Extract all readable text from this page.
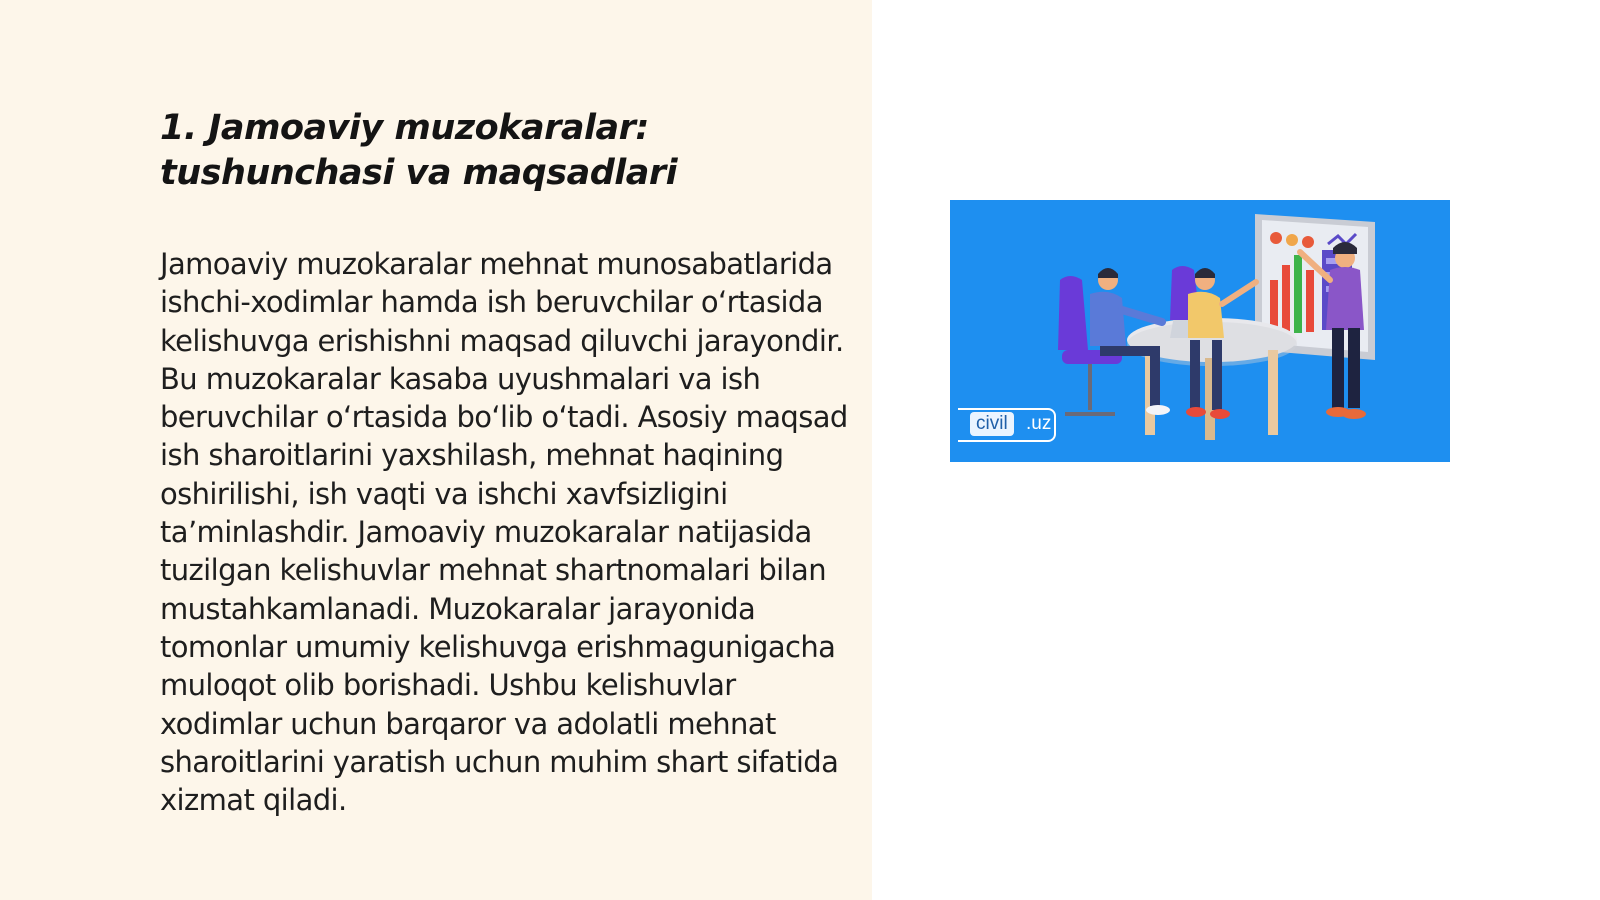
1. Jamoaviy muzokaralar: tushunchasi va maqsadlari

Jamoaviy muzokaralar mehnat munosabatlarida ishchi-xodimlar hamda ish beruvchilar o‘rtasida kelishuvga erishishni maqsad qiluvchi jarayondir. Bu muzokaralar kasaba uyushmalari va ish beruvchilar o‘rtasida bo‘lib o‘tadi. Asosiy maqsad ish sharoitlarini yaxshilash, mehnat haqining oshirilishi, ish vaqti va ishchi xavfsizligini ta’minlashdir. Jamoaviy muzokaralar natijasida tuzilgan kelishuvlar mehnat shartnomalari bilan mustahkamlanadi. Muzokaralar jarayonida tomonlar umumiy kelishuvga erishmagunigacha muloqot olib borishadi. Ushbu kelishuvlar xodimlar uchun barqaror va adolatli mehnat sharoitlarini yaratish uchun muhim shart sifatida xizmat qiladi.

civil .uz
